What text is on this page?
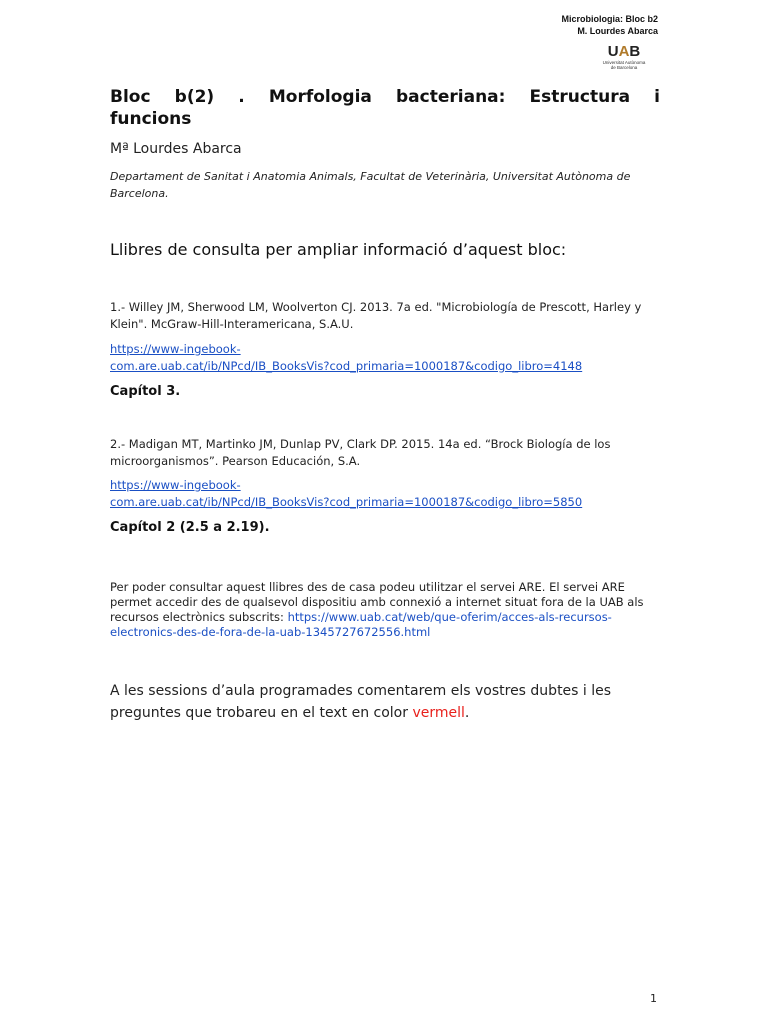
Microbiologia: Bloc b2
M. Lourdes Abarca
UAB
Universitat Autònoma
de Barcelona
Bloc b(2) . Morfologia bacteriana: Estructura i funcions
Mª Lourdes Abarca
Departament de Sanitat i Anatomia Animals, Facultat de Veterinària, Universitat Autònoma de Barcelona.
Llibres de consulta per ampliar informació d’aquest bloc:
1.- Willey JM, Sherwood LM, Woolverton CJ. 2013. 7a ed. "Microbiología de Prescott, Harley y Klein". McGraw-Hill-Interamericana, S.A.U.
https://www-ingebook-
com.are.uab.cat/ib/NPcd/IB_BooksVis?cod_primaria=1000187&codigo_libro=4148
Capítol 3.
2.- Madigan MT, Martinko JM, Dunlap PV, Clark DP. 2015. 14a ed. “Brock Biología de los microorganismos”. Pearson Educación, S.A.
https://www-ingebook-
com.are.uab.cat/ib/NPcd/IB_BooksVis?cod_primaria=1000187&codigo_libro=5850
Capítol 2 (2.5 a 2.19).
Per poder consultar aquest llibres des de casa podeu utilitzar el servei ARE. El servei ARE permet accedir des de qualsevol dispositiu amb connexió a internet situat fora de la UAB als recursos electrònics subscrits: https://www.uab.cat/web/que-oferim/acces-als-recursos-electronics-des-de-fora-de-la-uab-1345727672556.html
A les sessions d’aula programades comentarem els vostres dubtes i les preguntes que trobareu en el text en color vermell.
1
